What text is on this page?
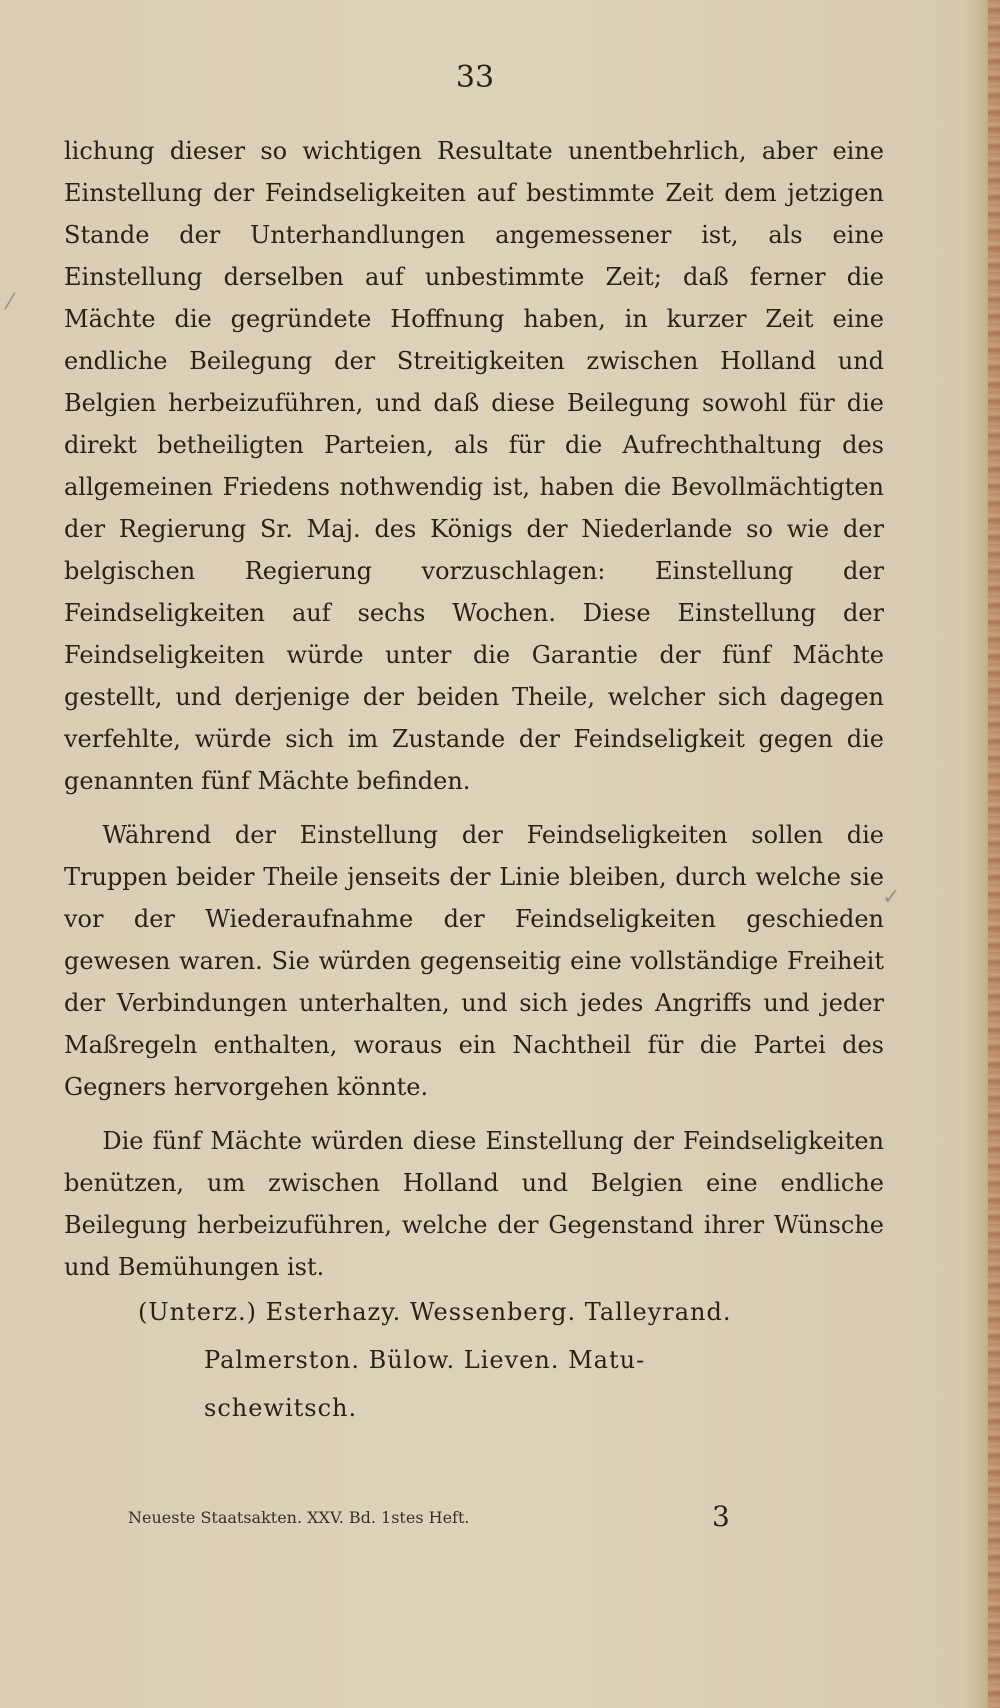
33

lichung dieser so wichtigen Resultate unentbehrlich, aber eine Einstellung der Feindseligkeiten auf bestimmte Zeit dem jetzigen Stande der Unterhandlungen angemessener ist, als eine Einstellung derselben auf unbestimmte Zeit; daß ferner die Mächte die gegründete Hoffnung haben, in kurzer Zeit eine endliche Beilegung der Streitigkeiten zwischen Holland und Belgien herbeizuführen, und daß diese Beilegung sowohl für die direkt betheiligten Parteien, als für die Aufrechthaltung des allgemeinen Friedens nothwendig ist, haben die Bevollmächtigten der Regierung Sr. Maj. des Königs der Niederlande so wie der belgischen Regierung vorzuschlagen: Einstellung der Feindseligkeiten auf sechs Wochen. Diese Einstellung der Feindseligkeiten würde unter die Garantie der fünf Mächte gestellt, und derjenige der beiden Theile, welcher sich dagegen verfehlte, würde sich im Zustande der Feindseligkeit gegen die genannten fünf Mächte befinden.

Während der Einstellung der Feindseligkeiten sollen die Truppen beider Theile jenseits der Linie bleiben, durch welche sie vor der Wiederaufnahme der Feindseligkeiten geschieden gewesen waren. Sie würden gegenseitig eine vollständige Freiheit der Verbindungen unterhalten, und sich jedes Angriffs und jeder Maßregeln enthalten, woraus ein Nachtheil für die Partei des Gegners hervorgehen könnte.

Die fünf Mächte würden diese Einstellung der Feindseligkeiten benützen, um zwischen Holland und Belgien eine endliche Beilegung herbeizuführen, welche der Gegenstand ihrer Wünsche und Bemühungen ist.

(Unterz.) Esterhazy. Wessenberg. Talleyrand.
Palmerston. Bülow. Lieven. Matu-
schewitsch.
Neueste Staatsakten. XXV. Bd. 1stes Heft.	3
⁄
✓
